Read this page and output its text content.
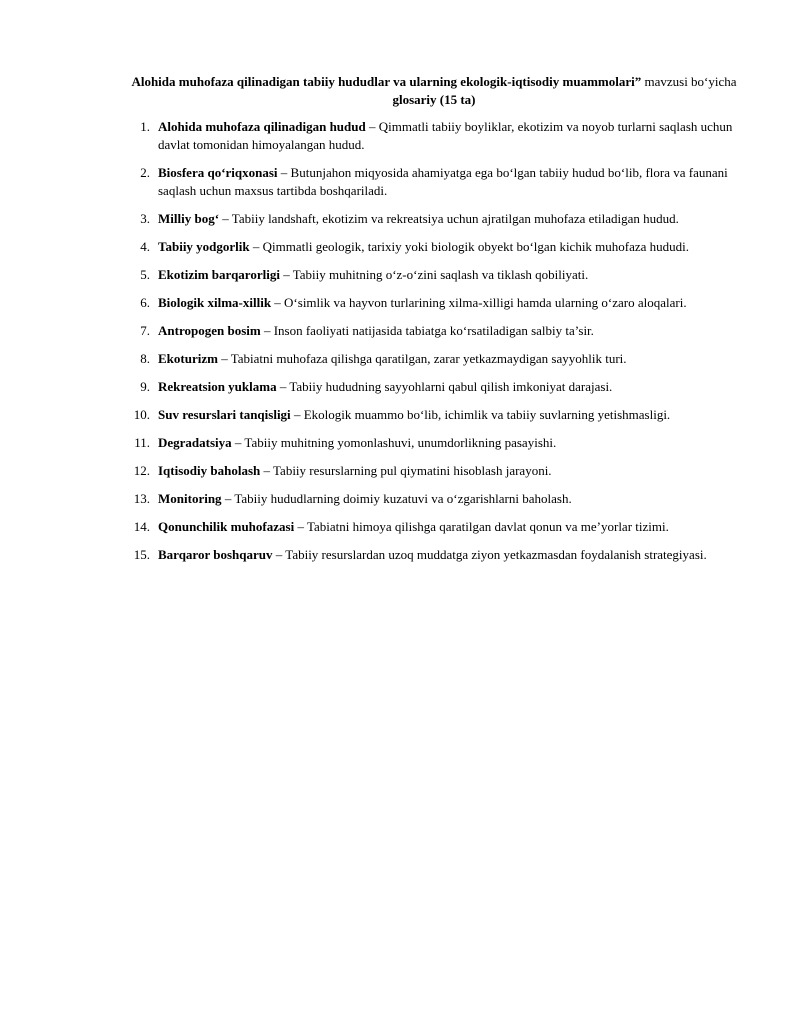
Alohida muhofaza qilinadigan tabiiy hududlar va ularning ekologik-iqtisodiy muammolari” mavzusi bo‘yicha glosariy (15 ta)

1. Alohida muhofaza qilinadigan hudud – Qimmatli tabiiy boyliklar, ekotizim va noyob turlarni saqlash uchun davlat tomonidan himoyalangan hudud.
2. Biosfera qo‘riqxonasi – Butunjahon miqyosida ahamiyatga ega bo‘lgan tabiiy hudud bo‘lib, flora va faunani saqlash uchun maxsus tartibda boshqariladi.
3. Milliy bog‘ – Tabiiy landshaft, ekotizim va rekreatsiya uchun ajratilgan muhofaza etiladigan hudud.
4. Tabiiy yodgorlik – Qimmatli geologik, tarixiy yoki biologik obyekt bo‘lgan kichik muhofaza hududi.
5. Ekotizim barqarorligi – Tabiiy muhitning o‘z-o‘zini saqlash va tiklash qobiliyati.
6. Biologik xilma-xillik – O‘simlik va hayvon turlarining xilma-xilligi hamda ularning o‘zaro aloqalari.
7. Antropogen bosim – Inson faoliyati natijasida tabiatga ko‘rsatiladigan salbiy ta’sir.
8. Ekoturizm – Tabiatni muhofaza qilishga qaratilgan, zarar yetkazmaydigan sayyohlik turi.
9. Rekreatsion yuklama – Tabiiy hududning sayyohlarni qabul qilish imkoniyat darajasi.
10. Suv resurslari tanqisligi – Ekologik muammo bo‘lib, ichimlik va tabiiy suvlarning yetishmasligi.
11. Degradatsiya – Tabiiy muhitning yomonlashuvi, unumdorlikning pasayishi.
12. Iqtisodiy baholash – Tabiiy resurslarning pul qiymatini hisoblash jarayoni.
13. Monitoring – Tabiiy hududlarning doimiy kuzatuvi va o‘zgarishlarni baholash.
14. Qonunchilik muhofazasi – Tabiatni himoya qilishga qaratilgan davlat qonun va me’yorlar tizimi.
15. Barqaror boshqaruv – Tabiiy resurslardan uzoq muddatga ziyon yetkazmasdan foydalanish strategiyasi.
